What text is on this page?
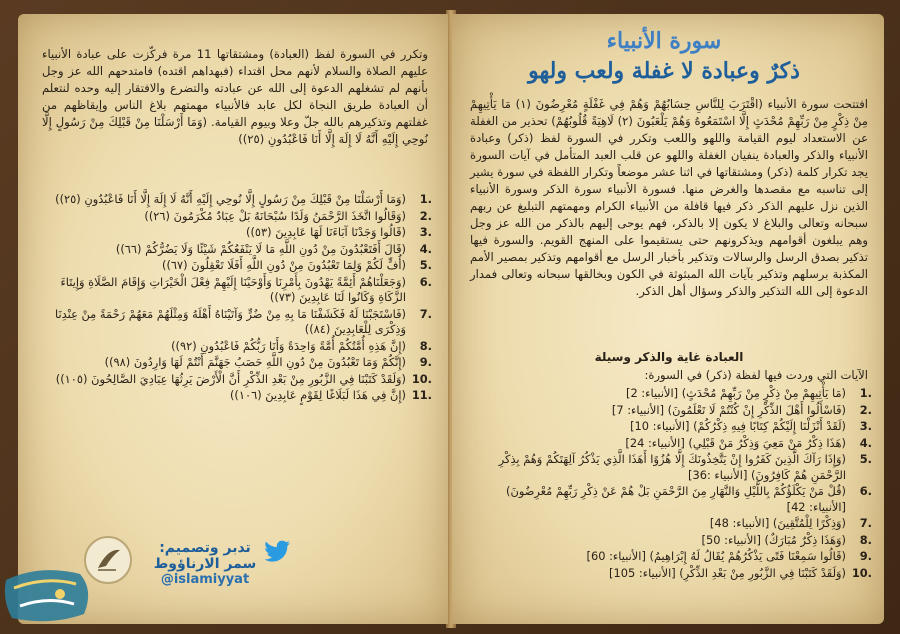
وتكرر في السورة لفظ (العبادة) ومشتقاتها 11 مرة فركّزت على عبادة الأنبياء عليهم الصلاة والسلام لأنهم محل اقتداء (فبهداهم اقتده) فامتدحهم الله عز وجل بأنهم لم تشغلهم الدعوة إلى الله عن عبادته والتضرع والافتقار إليه وحده لنتعلم أن العبادة طريق النجاة لكل عابد فالأنبياء مهمتهم بلاغ الناس وإيقاظهم من غفلتهم وتذكيرهم بالله جلّ وعلا وبيوم القيامة. (وَمَا أَرْسَلْنَا مِنْ قَبْلِكَ مِنْ رَسُولٍ إِلَّا نُوحِي إِلَيْهِ أَنَّهُ لَا إِلَهَ إِلَّا أَنَا فَاعْبُدُونِ (٢٥))
1.
(وَمَا أَرْسَلْنَا مِنْ قَبْلِكَ مِنْ رَسُولٍ إِلَّا نُوحِي إِلَيْهِ أَنَّهُ لَا إِلَهَ إِلَّا أَنَا فَاعْبُدُونِ (٢٥))
2.
(وَقَالُوا اتَّخَذَ الرَّحْمَنُ وَلَدًا سُبْحَانَهُ بَلْ عِبَادٌ مُكْرَمُونَ (٢٦))
3.
(قَالُوا وَجَدْنَا آبَاءَنَا لَهَا عَابِدِينَ (٥٣))
4.
(قَالَ أَفَتَعْبُدُونَ مِنْ دُونِ اللَّهِ مَا لَا يَنْفَعُكُمْ شَيْئًا وَلَا يَضُرُّكُمْ (٦٦))
5.
(أُفٍّ لَكُمْ وَلِمَا تَعْبُدُونَ مِنْ دُونِ اللَّهِ أَفَلَا تَعْقِلُونَ (٦٧))
6.
(وَجَعَلْنَاهُمْ أَئِمَّةً يَهْدُونَ بِأَمْرِنَا وَأَوْحَيْنَا إِلَيْهِمْ فِعْلَ الْخَيْرَاتِ وَإِقَامَ الصَّلَاةِ وَإِيتَاءَ الزَّكَاةِ وَكَانُوا لَنَا عَابِدِينَ (٧٣))
7.
(فَاسْتَجَبْنَا لَهُ فَكَشَفْنَا مَا بِهِ مِنْ ضُرٍّ وَآتَيْنَاهُ أَهْلَهُ وَمِثْلَهُمْ مَعَهُمْ رَحْمَةً مِنْ عِنْدِنَا وَذِكْرَى لِلْعَابِدِينَ (٨٤))
8.
(إِنَّ هَذِهِ أُمَّتُكُمْ أُمَّةً وَاحِدَةً وَأَنَا رَبُّكُمْ فَاعْبُدُونِ (٩٢))
9.
(إِنَّكُمْ وَمَا تَعْبُدُونَ مِنْ دُونِ اللَّهِ حَصَبُ جَهَنَّمَ أَنْتُمْ لَهَا وَارِدُونَ (٩٨))
10.
(وَلَقَدْ كَتَبْنَا فِي الزَّبُورِ مِنْ بَعْدِ الذِّكْرِ أَنَّ الْأَرْضَ يَرِثُهَا عِبَادِيَ الصَّالِحُونَ (١٠٥))
11.
(إِنَّ فِي هَذَا لَبَلَاغًا لِقَوْمٍ عَابِدِينَ (١٠٦))
سورة الأنبياء
ذكرٌ وعبادة لا غفلة ولعب ولهو
افتتحت سورة الأنبياء (اقْتَرَبَ لِلنَّاسِ حِسَابُهُمْ وَهُمْ فِي غَفْلَةٍ مُعْرِضُونَ (١) مَا يَأْتِيهِمْ مِنْ ذِكْرٍ مِنْ رَبِّهِمْ مُحْدَثٍ إِلَّا اسْتَمَعُوهُ وَهُمْ يَلْعَبُونَ (٢) لَاهِيَةً قُلُوبُهُمْ) تحذير من الغفلة عن الاستعداد ليوم القيامة واللهو واللعب وتكرر في السورة لفظ (ذكر) وعبادة الأنبياء والذكر والعبادة ينفيان الغفلة واللهو عن قلب العبد المتأمل في آيات السورة يجد تكرار كلمة (ذكر) ومشتقاتها في اثنا عشر موضعاً وتكرار اللفظة في سورة يشير إلى تناسبه مع مقصدها والغرض منها. فسورة الأنبياء سورة الذكر وسورة الأنبياء الذين نزل عليهم الذكر ذكر فيها قافلة من الأنبياء الكرام ومهمتهم التبليغ عن ربهم سبحانه وتعالى والبلاغ لا يكون إلا بالذكر، فهم يوحى إليهم بالذكر من الله عز وجل وهم يبلغون أقوامهم ويذكرونهم حتى يستقيموا على المنهج القويم. والسورة فيها تذكير بصدق الرسل والرسالات وتذكير بأخبار الرسل مع أقوامهم وتذكير بمصير الأمم المكذبة برسلهم وتذكير بآيات الله المبثوثة في الكون وبخالقها سبحانه وتعالى فمدار الدعوة إلى الله التذكير والذكر وسؤال أهل الذكر.
العبادة غاية والذكر وسيلة
الآيات التي وردت فيها لفظة (ذكر) في السورة:
1.
(مَا يَأْتِيهِمْ مِنْ ذِكْرٍ مِنْ رَبِّهِمْ مُحْدَثٍ) [الأنبياء: 2]
2.
(فَاسْأَلُوا أَهْلَ الذِّكْرِ إِنْ كُنْتُمْ لَا تَعْلَمُونَ) [الأنبياء: 7]
3.
(لَقَدْ أَنْزَلْنَا إِلَيْكُمْ كِتَابًا فِيهِ ذِكْرُكُمْ) [الأنبياء: 10]
4.
(هَذَا ذِكْرُ مَنْ مَعِيَ وَذِكْرُ مَنْ قَبْلِي) [الأنبياء: 24]
5.
(وَإِذَا رَآكَ الَّذِينَ كَفَرُوا إِنْ يَتَّخِذُونَكَ إِلَّا هُزُوًا أَهَذَا الَّذِي يَذْكُرُ آلِهَتَكُمْ وَهُمْ بِذِكْرِ الرَّحْمَنِ هُمْ كَافِرُونَ) [الأنبياء :36]
6.
(قُلْ مَنْ يَكْلَؤُكُمْ بِاللَّيْلِ وَالنَّهَارِ مِنَ الرَّحْمَنِ بَلْ هُمْ عَنْ ذِكْرِ رَبِّهِمْ مُعْرِضُونَ) [الأنبياء: 42]
7.
(وَذِكْرًا لِلْمُتَّقِينَ) [الأنبياء: 48]
8.
(وَهَذَا ذِكْرٌ مُبَارَكٌ) [الأنبياء: 50]
9.
(قَالُوا سَمِعْنَا فَتًى يَذْكُرُهُمْ يُقَالُ لَهُ إِبْرَاهِيمُ) [الأنبياء: 60]
10.
(وَلَقَدْ كَتَبْنَا فِي الزَّبُورِ مِنْ بَعْدِ الذِّكْرِ) [الأنبياء: 105]
تدبر وتصميم:
سمر الارناؤوط
@islamiyyat
